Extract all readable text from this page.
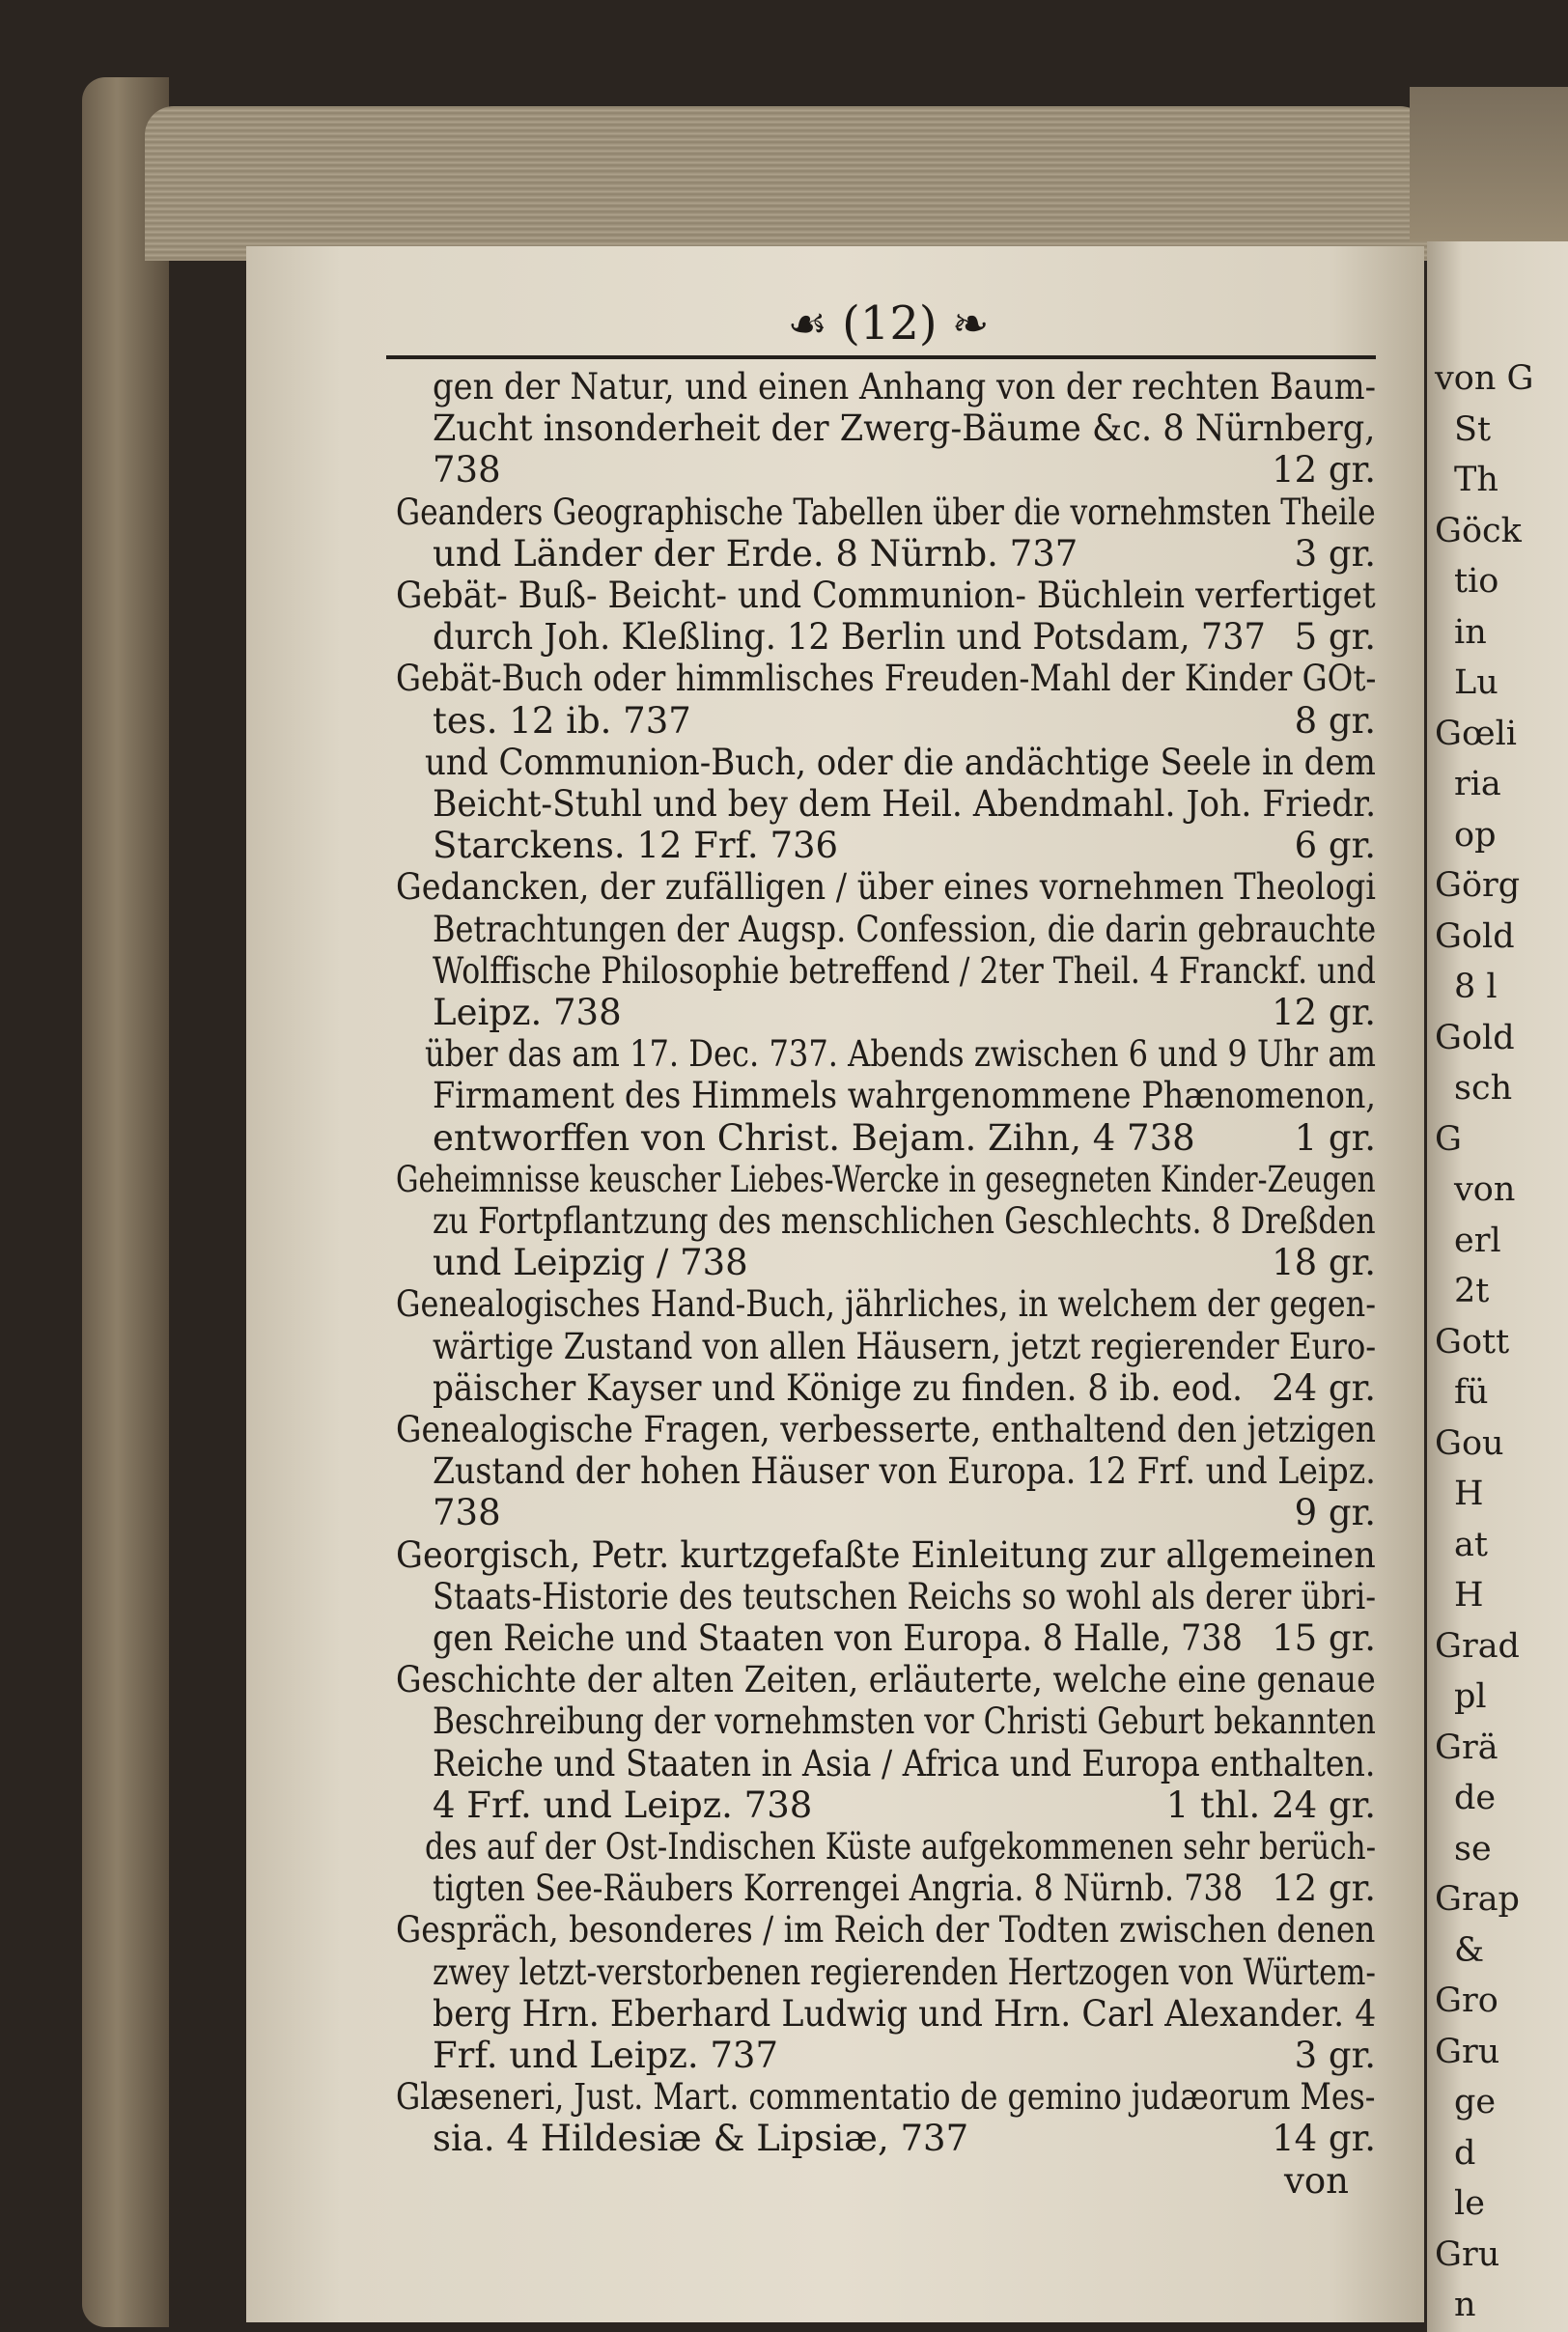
☙ (12) ❧
gen der Natur, und einen Anhang von der rechten Baum-
Zucht insonderheit der Zwerg-Bäume &c. 8 Nürnberg,
738	12 gr.
Geanders Geographische Tabellen über die vornehmsten Theile
und Länder der Erde. 8 Nürnb. 737	3 gr.
Gebät- Buß- Beicht- und Communion- Büchlein verfertiget
durch Joh. Kleßling. 12 Berlin und Potsdam, 737 5 gr.
Gebät-Buch oder himmlisches Freuden-Mahl der Kinder GOt-
tes. 12 ib. 737	8 gr.
und Communion-Buch, oder die andächtige Seele in dem
Beicht-Stuhl und bey dem Heil. Abendmahl. Joh. Friedr.
Starckens. 12 Frf. 736	6 gr.
Gedancken, der zufälligen / über eines vornehmen Theologi
Betrachtungen der Augsp. Confession, die darin gebrauchte
Wolffische Philosophie betreffend / 2ter Theil. 4 Franckf. und
Leipz. 738	12 gr.
über das am 17. Dec. 737. Abends zwischen 6 und 9 Uhr am
Firmament des Himmels wahrgenommene Phænomenon,
entworffen von Christ. Bejam. Zihn, 4 738	1 gr.
Geheimnisse keuscher Liebes-Wercke in gesegneten Kinder-Zeugen
zu Fortpflantzung des menschlichen Geschlechts. 8 Dreßden
und Leipzig / 738	18 gr.
Genealogisches Hand-Buch, jährliches, in welchem der gegen-
wärtige Zustand von allen Häusern, jetzt regierender Euro-
päischer Kayser und Könige zu finden. 8 ib. eod. 24 gr.
Genealogische Fragen, verbesserte, enthaltend den jetzigen
Zustand der hohen Häuser von Europa. 12 Frf. und Leipz.
738	9 gr.
Georgisch, Petr. kurtzgefaßte Einleitung zur allgemeinen
Staats-Historie des teutschen Reichs so wohl als derer übri-
gen Reiche und Staaten von Europa. 8 Halle, 738 15 gr.
Geschichte der alten Zeiten, erläuterte, welche eine genaue
Beschreibung der vornehmsten vor Christi Geburt bekannten
Reiche und Staaten in Asia / Africa und Europa enthalten.
4 Frf. und Leipz. 738	1 thl. 24 gr.
des auf der Ost-Indischen Küste aufgekommenen sehr berüch-
tigten See-Räubers Korrengei Angria. 8 Nürnb. 738 12 gr.
Gespräch, besonderes / im Reich der Todten zwischen denen
zwey letzt-verstorbenen regierenden Hertzogen von Würtem-
berg Hrn. Eberhard Ludwig und Hrn. Carl Alexander. 4
Frf. und Leipz. 737	3 gr.
Glæseneri, Just. Mart. commentatio de gemino judæorum Mes-
sia. 4 Hildesiæ & Lipsiæ, 737	14 gr.
von
von G
St
Th
Göck
tio
in
Lu
Gœli
ria
op
Görg
Gold
8 l
Gold
sch
G
von
erl
2t
Gott
fü
Gou
H
at
H
Grad
pl
Grä
de
se
Grap
&
Gro
Gru
ge
d
le
Gru
n
